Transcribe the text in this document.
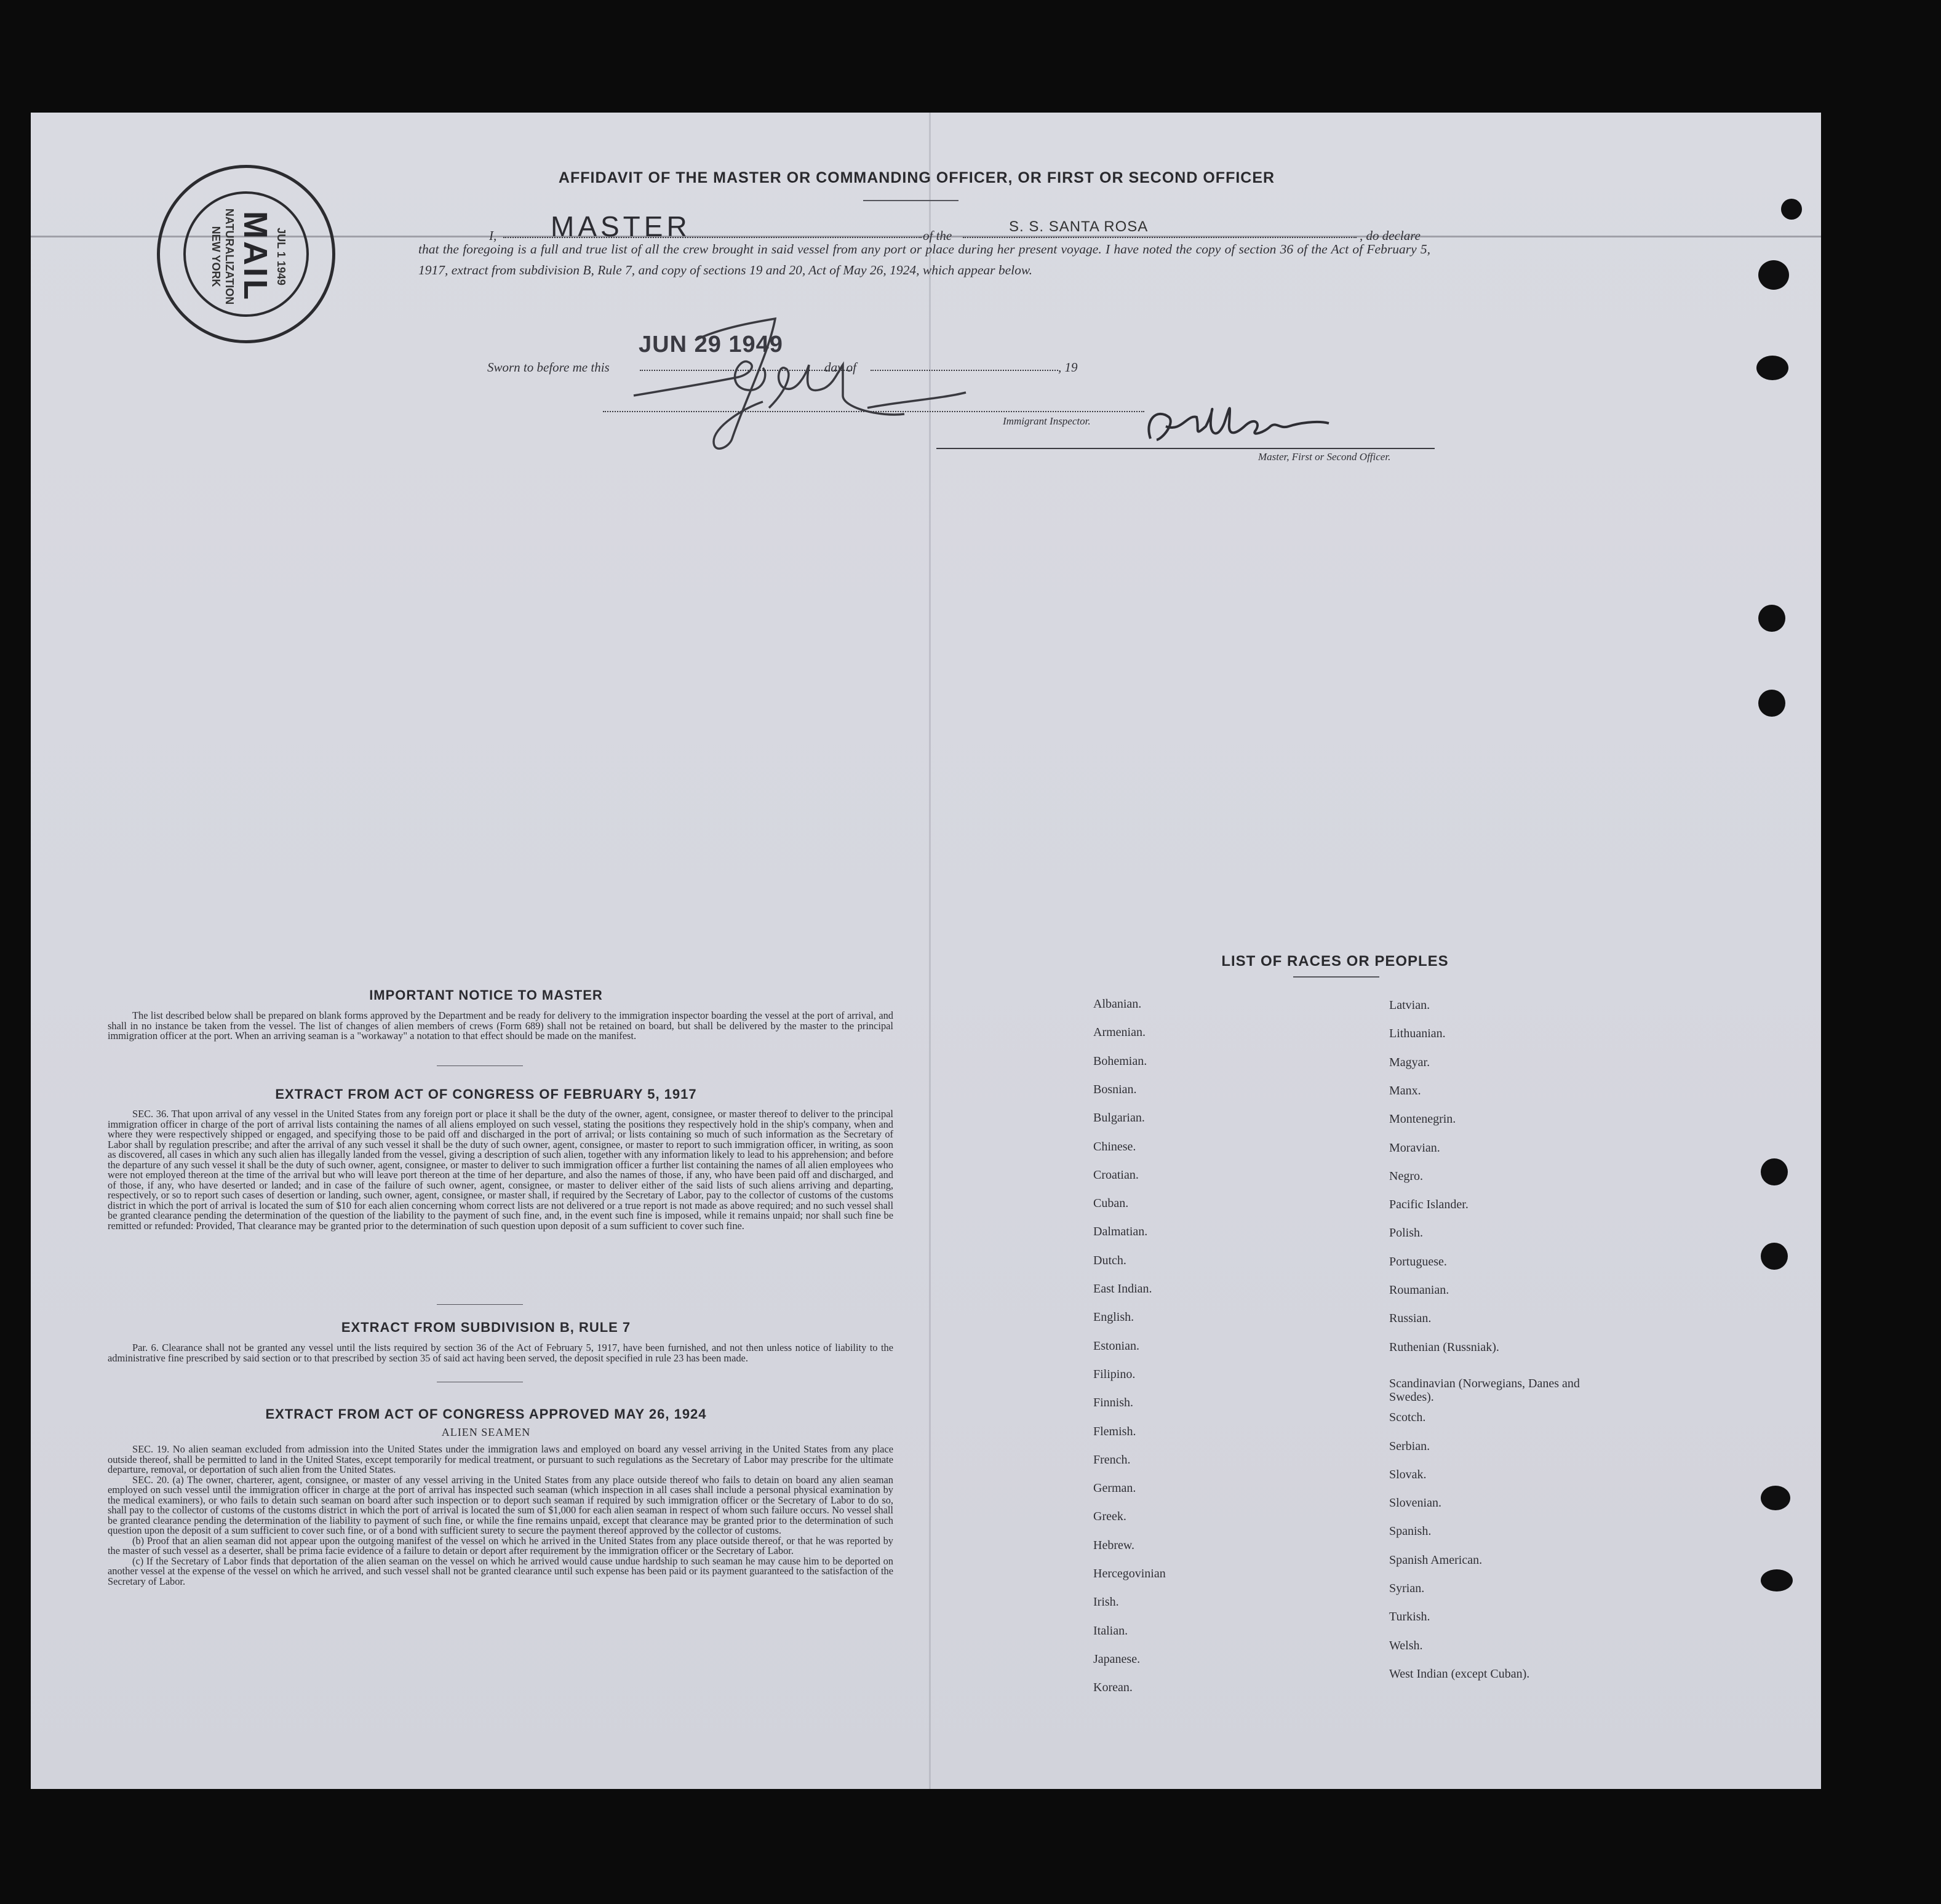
JUL 1 1949
MAIL
NATURALIZATION
NEW YORK
AFFIDAVIT OF THE MASTER OR COMMANDING OFFICER, OR FIRST OR SECOND OFFICER
I, MASTER	of the
S. S. SANTA ROSA
, do declare
that the foregoing is a full and true list of all the crew brought in said vessel from any port or place during her present voyage. I have noted the copy of section 36 of the Act of February 5, 1917, extract from subdivision B, Rule 7, and copy of sections 19 and 20, Act of May 26, 1924, which appear below.
Master, First or Second Officer.
Sworn to before me this
JUN 29 1949
day of	, 19
Immigrant Inspector.
IMPORTANT NOTICE TO MASTER

The list described below shall be prepared on blank forms approved by the Department and be ready for delivery to the immigration inspector boarding the vessel at the port of arrival, and shall in no instance be taken from the vessel. The list of changes of alien members of crews (Form 689) shall not be retained on board, but shall be delivered by the master to the principal immigration officer at the port. When an arriving seaman is a "workaway" a notation to that effect should be made on the manifest.

EXTRACT FROM ACT OF CONGRESS OF FEBRUARY 5, 1917

SEC. 36. That upon arrival of any vessel in the United States from any foreign port or place it shall be the duty of the owner, agent, consignee, or master thereof to deliver to the principal immigration officer in charge of the port of arrival lists containing the names of all aliens employed on such vessel, stating the positions they respectively hold in the ship's company, when and where they were respectively shipped or engaged, and specifying those to be paid off and discharged in the port of arrival; or lists containing so much of such information as the Secretary of Labor shall by regulation prescribe; and after the arrival of any such vessel it shall be the duty of such owner, agent, consignee, or master to report to such immigration officer, in writing, as soon as discovered, all cases in which any such alien has illegally landed from the vessel, giving a description of such alien, together with any information likely to lead to his apprehension; and before the departure of any such vessel it shall be the duty of such owner, agent, consignee, or master to deliver to such immigration officer a further list containing the names of all alien employees who were not employed thereon at the time of the arrival but who will leave port thereon at the time of her departure, and also the names of those, if any, who have been paid off and discharged, and of those, if any, who have deserted or landed; and in case of the failure of such owner, agent, consignee, or master to deliver either of the said lists of such aliens arriving and departing, respectively, or so to report such cases of desertion or landing, such owner, agent, consignee, or master shall, if required by the Secretary of Labor, pay to the collector of customs of the customs district in which the port of arrival is located the sum of $10 for each alien concerning whom correct lists are not delivered or a true report is not made as above required; and no such vessel shall be granted clearance pending the determination of the question of the liability to the payment of such fine, and, in the event such fine is imposed, while it remains unpaid; nor shall such fine be remitted or refunded: Provided, That clearance may be granted prior to the determination of such question upon deposit of a sum sufficient to cover such fine.

EXTRACT FROM SUBDIVISION B, RULE 7

Par. 6. Clearance shall not be granted any vessel until the lists required by section 36 of the Act of February 5, 1917, have been furnished, and not then unless notice of liability to the administrative fine prescribed by said section or to that prescribed by section 35 of said act having been served, the deposit specified in rule 23 has been made.

EXTRACT FROM ACT OF CONGRESS APPROVED MAY 26, 1924
ALIEN SEAMEN

SEC. 19. No alien seaman excluded from admission into the United States under the immigration laws and employed on board any vessel arriving in the United States from any place outside thereof, shall be permitted to land in the United States, except temporarily for medical treatment, or pursuant to such regulations as the Secretary of Labor may prescribe for the ultimate departure, removal, or deportation of such alien from the United States.

SEC. 20. (a) The owner, charterer, agent, consignee, or master of any vessel arriving in the United States from any place outside thereof who fails to detain on board any alien seaman employed on such vessel until the immigration officer in charge at the port of arrival has inspected such seaman (which inspection in all cases shall include a personal physical examination by the medical examiners), or who fails to detain such seaman on board after such inspection or to deport such seaman if required by such immigration officer or the Secretary of Labor to do so, shall pay to the collector of customs of the customs district in which the port of arrival is located the sum of $1,000 for each alien seaman in respect of whom such failure occurs. No vessel shall be granted clearance pending the determination of the liability to payment of such fine, or while the fine remains unpaid, except that clearance may be granted prior to the determination of such question upon the deposit of a sum sufficient to cover such fine, or of a bond with sufficient surety to secure the payment thereof approved by the collector of customs.

(b) Proof that an alien seaman did not appear upon the outgoing manifest of the vessel on which he arrived in the United States from any place outside thereof, or that he was reported by the master of such vessel as a deserter, shall be prima facie evidence of a failure to detain or deport after requirement by the immigration officer or the Secretary of Labor.

(c) If the Secretary of Labor finds that deportation of the alien seaman on the vessel on which he arrived would cause undue hardship to such seaman he may cause him to be deported on another vessel at the expense of the vessel on which he arrived, and such vessel shall not be granted clearance until such expense has been paid or its payment guaranteed to the satisfaction of the Secretary of Labor.

LIST OF RACES OR PEOPLES
Albanian.
Armenian.
Bohemian.
Bosnian.
Bulgarian.
Chinese.
Croatian.
Cuban.
Dalmatian.
Dutch.
East Indian.
English.
Estonian.
Filipino.
Finnish.
Flemish.
French.
German.
Greek.
Hebrew.
Hercegovinian
Irish.
Italian.
Japanese.
Korean.
Latvian.
Lithuanian.
Magyar.
Manx.
Montenegrin.
Moravian.
Negro.
Pacific Islander.
Polish.
Portuguese.
Roumanian.
Russian.
Ruthenian (Russniak).
Scandinavian (Norwegians, Danes and Swedes).
Scotch.
Serbian.
Slovak.
Slovenian.
Spanish.
Spanish American.
Syrian.
Turkish.
Welsh.
West Indian (except Cuban).
